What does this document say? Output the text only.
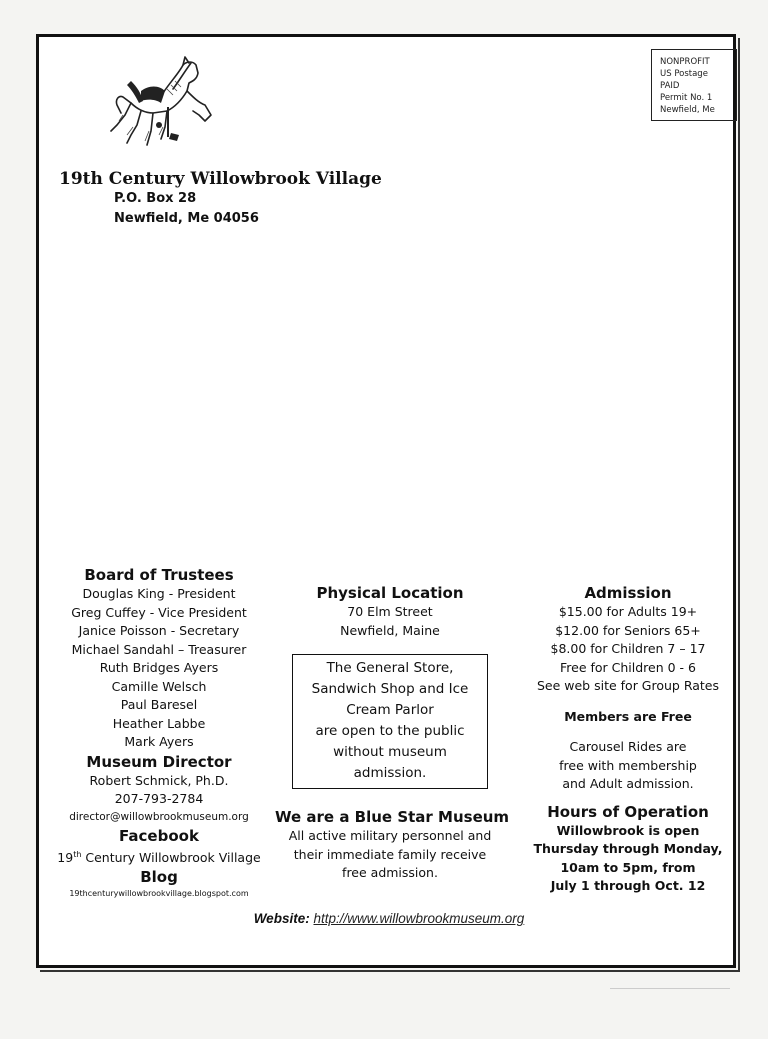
NONPROFIT
US Postage
PAID
Permit No. 1
Newfield, Me
19th Century Willowbrook Village
P.O. Box 28
Newfield, Me 04056
Board of Trustees
Douglas King - President
Greg Cuffey - Vice President
Janice Poisson - Secretary
Michael Sandahl – Treasurer
Ruth Bridges Ayers
Camille Welsch
Paul Baresel
Heather Labbe
Mark Ayers
Museum Director
Robert Schmick, Ph.D.
207-793-2784
director@willowbrookmuseum.org
Facebook
19th Century Willowbrook Village
Blog
19thcenturywillowbrookvillage.blogspot.com
Physical Location
70 Elm Street
Newfield, Maine
The General Store,
Sandwich Shop and Ice
Cream Parlor
are open to the public
without museum
admission.
We are a Blue Star Museum
All active military personnel and
their immediate family receive
free admission.
Admission
$15.00 for Adults 19+
$12.00 for Seniors 65+
$8.00 for Children 7 – 17
Free for Children 0 - 6
See web site for Group Rates
Members are Free
Carousel Rides are
free with membership
and Adult admission.
Hours of Operation
Willowbrook is open
Thursday through Monday,
10am to 5pm, from
July 1 through Oct. 12
Website: http://www.willowbrookmuseum.org
